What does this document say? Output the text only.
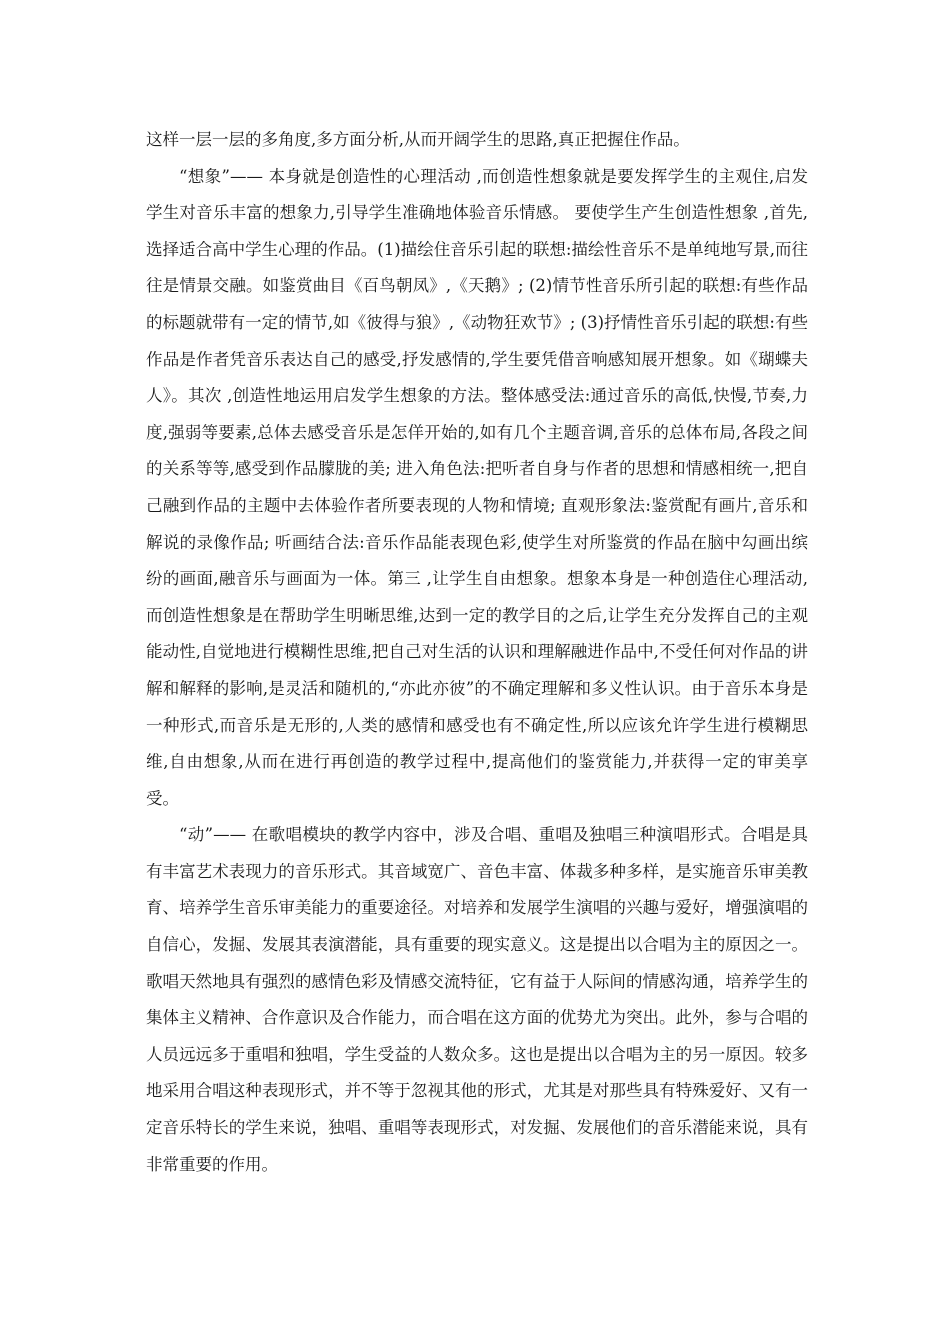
这样一层一层的多角度,多方面分析,从而开阔学生的思路,真正把握住作品。

“想象”—— 本身就是创造性的心理活动 ,而创造性想象就是要发挥学生的主观住,启发学生对音乐丰富的想象力,引导学生准确地体验音乐情感。 要使学生产生创造性想象 ,首先,选择适合高中学生心理的作品。(1)描绘住音乐引起的联想:描绘性音乐不是单纯地写景,而往往是情景交融。如鉴赏曲目《百鸟朝凤》,《天鹅》; (2)情节性音乐所引起的联想:有些作品的标题就带有一定的情节,如《彼得与狼》,《动物狂欢节》; (3)抒情性音乐引起的联想:有些作品是作者凭音乐表达自己的感受,抒发感情的,学生要凭借音响感知展开想象。如《瑚蝶夫人》。其次 ,创造性地运用启发学生想象的方法。整体感受法:通过音乐的高低,快慢,节奏,力度,强弱等要素,总体去感受音乐是怎佯开始的,如有几个主题音调,音乐的总体布局,各段之间的关系等等,感受到作品朦胧的美; 进入角色法:把听者自身与作者的思想和情感相统一,把自己融到作品的主题中去体验作者所要表现的人物和情境; 直观形象法:鉴赏配有画片,音乐和解说的录像作品; 听画结合法:音乐作品能表现色彩,使学生对所鉴赏的作品在脑中勾画出缤纷的画面,融音乐与画面为一体。第三 ,让学生自由想象。想象本身是一种创造住心理活动,而创造性想象是在帮助学生明晰思维,达到一定的教学目的之后,让学生充分发挥自己的主观能动性,自觉地进行模糊性思维,把自己对生活的认识和理解融进作品中,不受任何对作品的讲解和解释的影响,是灵活和随机的,“亦此亦彼”的不确定理解和多义性认识。由于音乐本身是一种形式,而音乐是无形的,人类的感情和感受也有不确定性,所以应该允许学生进行模糊思维,自由想象,从而在进行再创造的教学过程中,提高他们的鉴赏能力,并获得一定的审美享受。

“动”—— 在歌唱模块的教学内容中，涉及合唱、重唱及独唱三种演唱形式。合唱是具有丰富艺术表现力的音乐形式。其音域宽广、音色丰富、体裁多种多样，是实施音乐审美教育、培养学生音乐审美能力的重要途径。对培养和发展学生演唱的兴趣与爱好，增强演唱的自信心，发掘、发展其表演潜能，具有重要的现实意义。这是提出以合唱为主的原因之一。歌唱天然地具有强烈的感情色彩及情感交流特征，它有益于人际间的情感沟通，培养学生的集体主义精神、合作意识及合作能力，而合唱在这方面的优势尤为突出。此外，参与合唱的人员远远多于重唱和独唱，学生受益的人数众多。这也是提出以合唱为主的另一原因。较多地采用合唱这种表现形式，并不等于忽视其他的形式，尤其是对那些具有特殊爱好、又有一定音乐特长的学生来说，独唱、重唱等表现形式，对发掘、发展他们的音乐潜能来说，具有非常重要的作用。
